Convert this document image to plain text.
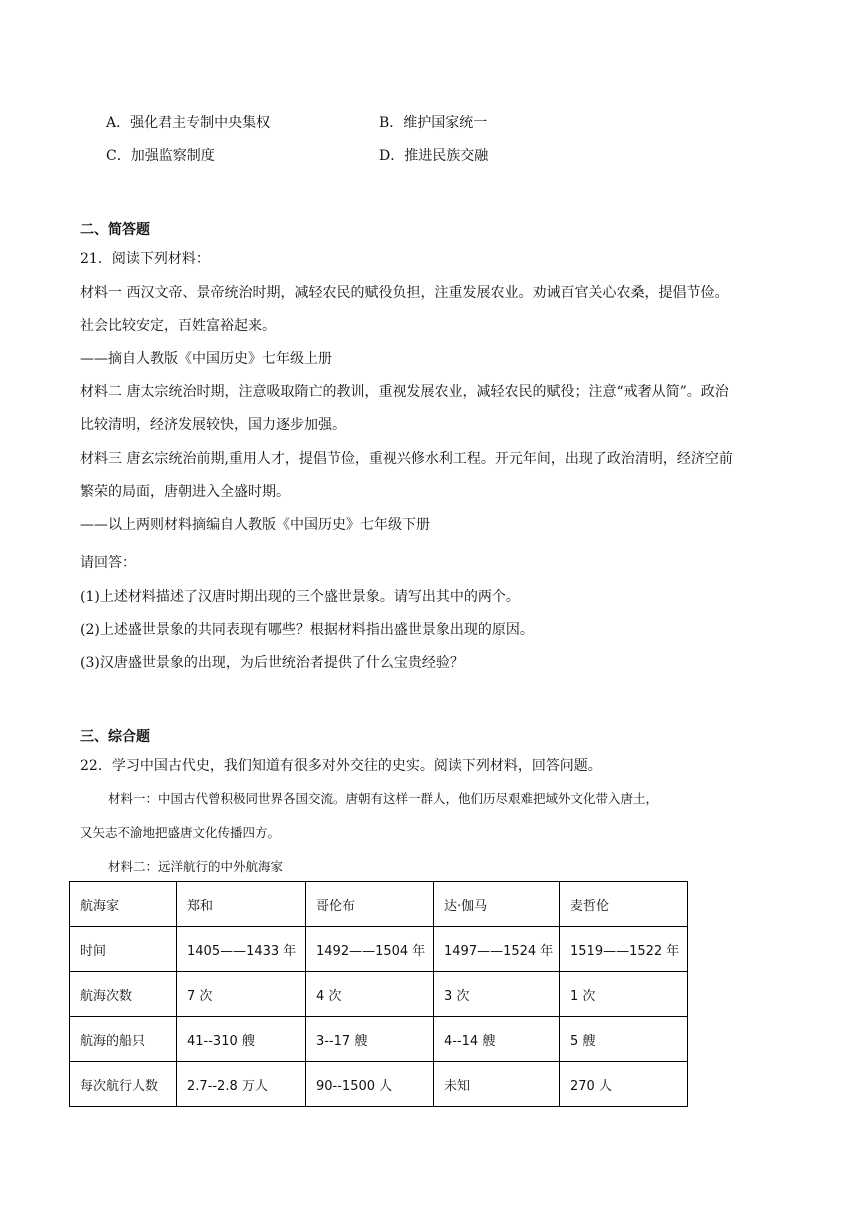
A．强化君主专制中央集权	B．维护国家统一
C．加强监察制度	D．推进民族交融
二、简答题
21．阅读下列材料：
材料一 西汉文帝、景帝统治时期，减轻农民的赋役负担，注重发展农业。劝诫百官关心农桑，提倡节俭。
社会比较安定，百姓富裕起来。
——摘自人教版《中国历史》七年级上册
材料二 唐太宗统治时期，注意吸取隋亡的教训，重视发展农业，减轻农民的赋役；注意“戒奢从简”。政治
比较清明，经济发展较快，国力逐步加强。
材料三 唐玄宗统治前期,重用人才，提倡节俭，重视兴修水利工程。开元年间，出现了政治清明，经济空前
繁荣的局面，唐朝进入全盛时期。
——以上两则材料摘编自人教版《中国历史》七年级下册
请回答：
(1)上述材料描述了汉唐时期出现的三个盛世景象。请写出其中的两个。
(2)上述盛世景象的共同表现有哪些？根据材料指出盛世景象出现的原因。
(3)汉唐盛世景象的出现，为后世统治者提供了什么宝贵经验？
三、综合题
22．学习中国古代史，我们知道有很多对外交往的史实。阅读下列材料，回答问题。
材料一：中国古代曾积极同世界各国交流。唐朝有这样一群人，他们历尽艰难把域外文化带入唐土，
又矢志不渝地把盛唐文化传播四方。
材料二：远洋航行的中外航海家
航海家	郑和	哥伦布	达·伽马	麦哲伦
时间	1405——1433 年	1492——1504 年	1497——1524 年	1519——1522 年
航海次数	7 次	4 次	3 次	1 次
航海的船只	41--310 艘	3--17 艘	4--14 艘	5 艘
每次航行人数	2.7--2.8 万人	90--1500 人	未知	270 人
